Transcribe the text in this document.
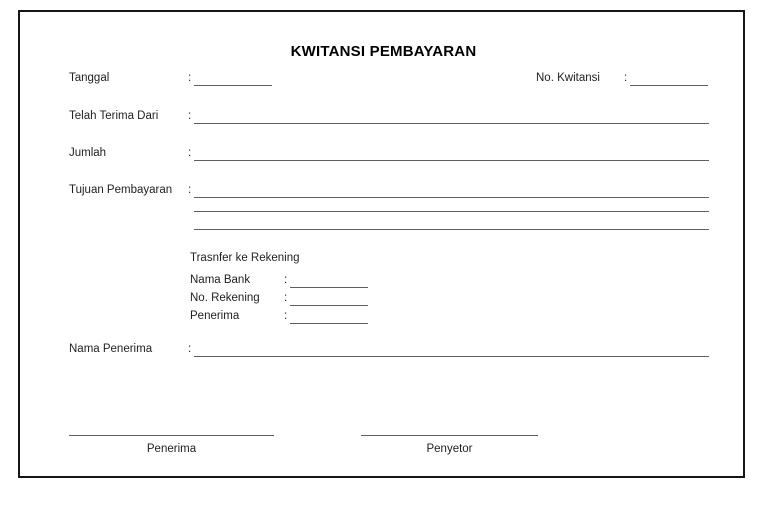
KWITANSI PEMBAYARAN
Tanggal	:	No. Kwitansi :
Telah Terima Dari	:
Jumlah	:
Tujuan Pembayaran :
Trasnfer ke Rekening
Nama Bank	:
No. Rekening :
Penerima	:
Nama Penerima	:
Penerima	Penyetor
